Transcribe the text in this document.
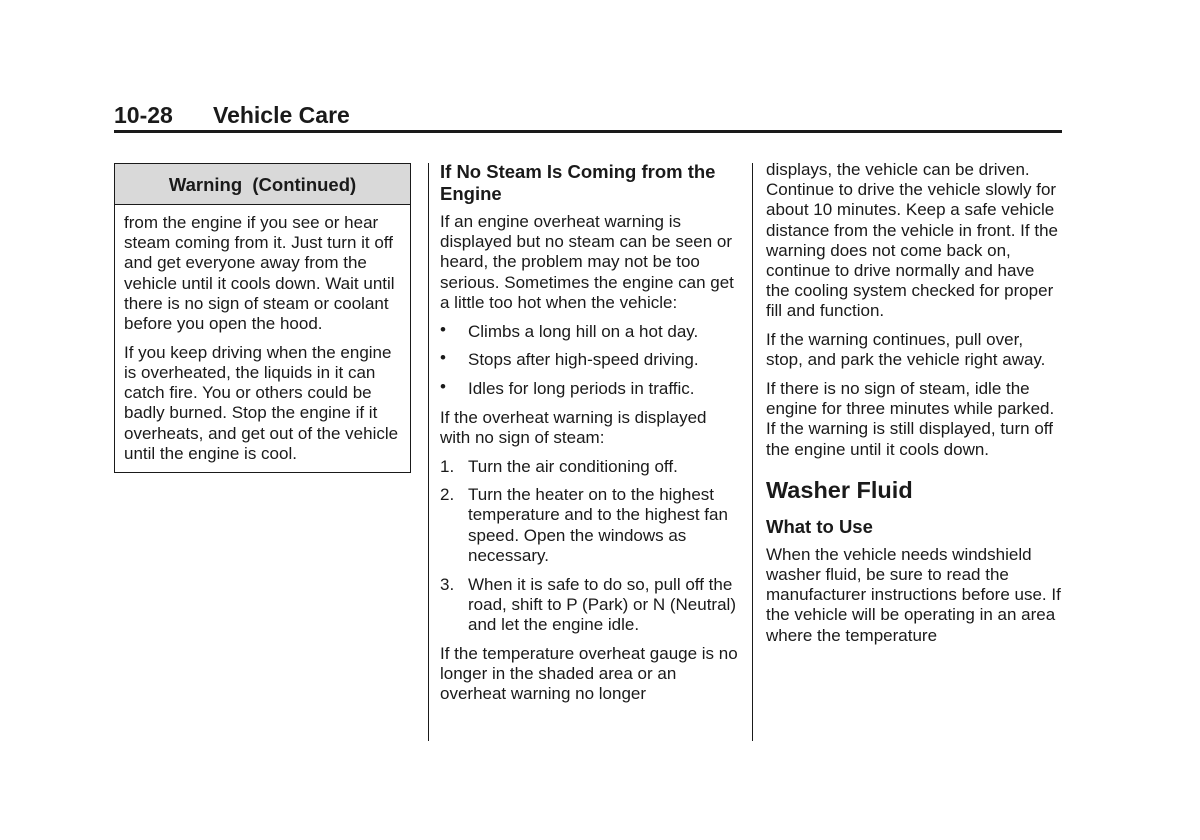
10-28 Vehicle Care
Warning  (Continued)

from the engine if you see or hear steam coming from it. Just turn it off and get everyone away from the vehicle until it cools down. Wait until there is no sign of steam or coolant before you open the hood.

If you keep driving when the engine is overheated, the liquids in it can catch fire. You or others could be badly burned. Stop the engine if it overheats, and get out of the vehicle until the engine is cool.

If No Steam Is Coming from the Engine

If an engine overheat warning is displayed but no steam can be seen or heard, the problem may not be too serious. Sometimes the engine can get a little too hot when the vehicle:

• Climbs a long hill on a hot day.
• Stops after high-speed driving.
• Idles for long periods in traffic.

If the overheat warning is displayed with no sign of steam:

1. Turn the air conditioning off.
2. Turn the heater on to the highest temperature and to the highest fan speed. Open the windows as necessary.
3. When it is safe to do so, pull off the road, shift to P (Park) or N (Neutral) and let the engine idle.

If the temperature overheat gauge is no longer in the shaded area or an overheat warning no longer

displays, the vehicle can be driven. Continue to drive the vehicle slowly for about 10 minutes. Keep a safe vehicle distance from the vehicle in front. If the warning does not come back on, continue to drive normally and have the cooling system checked for proper fill and function.

If the warning continues, pull over, stop, and park the vehicle right away.

If there is no sign of steam, idle the engine for three minutes while parked. If the warning is still displayed, turn off the engine until it cools down.

Washer Fluid
What to Use

When the vehicle needs windshield washer fluid, be sure to read the manufacturer instructions before use. If the vehicle will be operating in an area where the temperature
